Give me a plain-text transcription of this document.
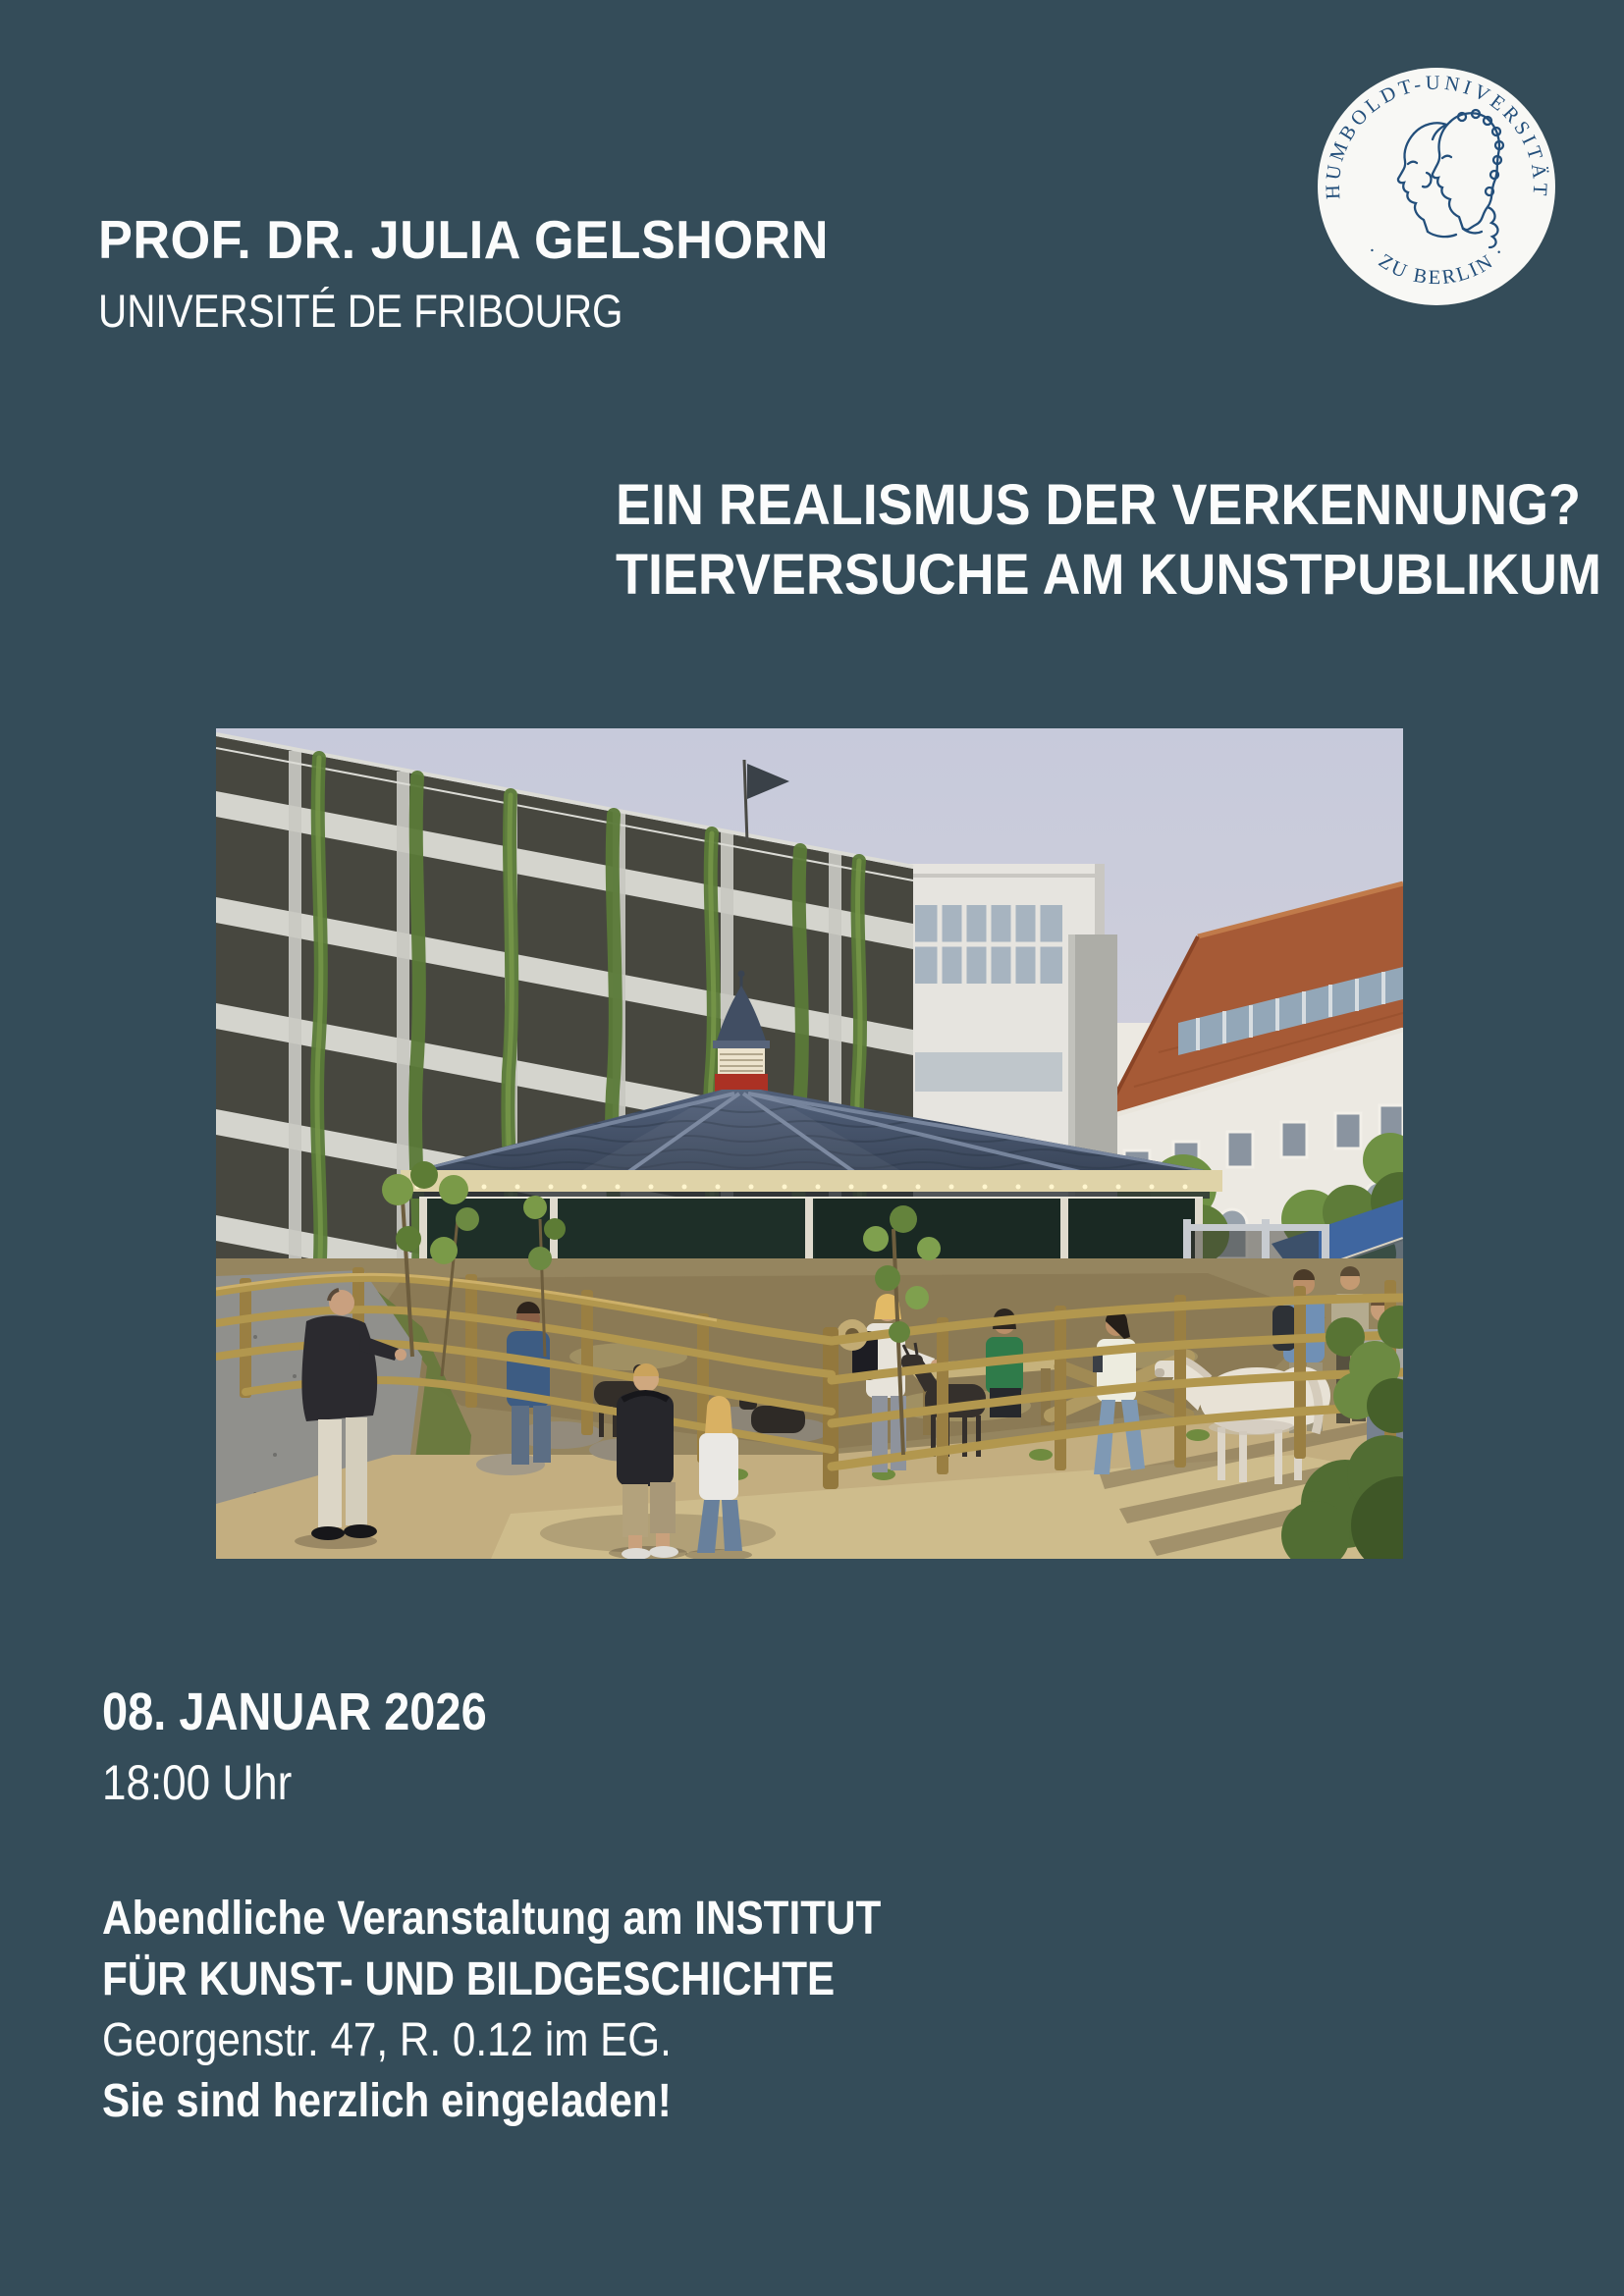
PROF. DR. JULIA GELSHORN
UNIVERSITÉ DE FRIBOURG
HUMBOLDT-UNIVERSITÄT
· ZU BERLIN ·
EIN REALISMUS DER VERKENNUNG?
TIERVERSUCHE AM KUNSTPUBLIKUM
08. JANUAR 2026
18:00 Uhr
Abendliche Veranstaltung am INSTITUT
FÜR KUNST- UND BILDGESCHICHTE
Georgenstr. 47, R. 0.12 im EG.
Sie sind herzlich eingeladen!
